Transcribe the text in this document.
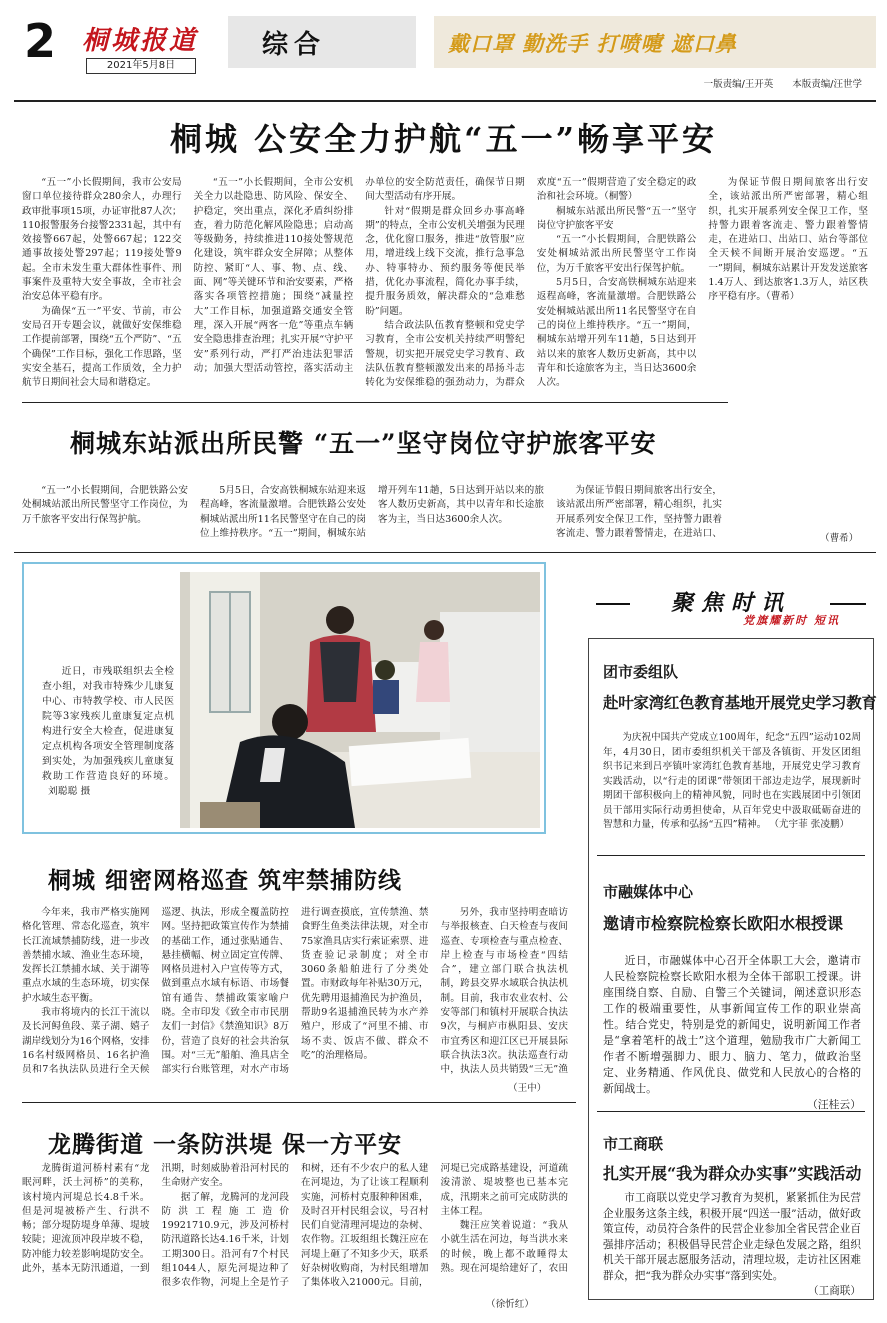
2 桐城报道
2021年5月8日
综合	戴口罩 勤洗手 打喷嚏 遮口鼻
一版责编/王开英　　本版责编/汪世学
桐城 公安全力护航“五一”畅享平安

“五一”小长假期间，我市公安局窗口单位接待群众280余人，办理行政审批事项15项，办证审批87人次；110报警服务台接警2331起，其中有效接警667起，处警667起；122交通事故接处警297起；119接处警9起。全市未发生重大群体性事件、刑事案件及重特大安全事故，全市社会治安总体平稳有序。

为确保“五一”平安、节前，市公安局召开专题会议，就做好安保维稳工作提前部署，围绕“五个严防”、“五个确保”工作目标，强化工作思路，坚实安全基石，提高工作质效，全力护航节日期间社会大局和谐稳定。

“五一”小长假期间，全市公安机关全力以赴隐患、防风险、保安全、护稳定，突出重点，深化矛盾纠纷排查，着力防范化解风险隐患；启动高等级勤务，持续推进110接处警规范化建设，筑牢群众安全屏障；从整体防控、紧盯“人、事、物、点、线、面、网”等关键环节和治安要素，严格落实各项管控措施；围绕“减量控大”工作目标，加强道路交通安全管理，深入开展“两客一危”等重点车辆安全隐患排查治理；扎实开展“守护平安”系列行动，严打严治违法犯罪活动；加强大型活动管控，落实活动主办单位的安全防范责任，确保节日期间大型活动有序开展。

针对“假期是群众回乡办事高峰期”的特点，全市公安机关增强为民理念，优化窗口服务，推进“放管服”应用，增进线上线下交流，推行急事急办、特事特办、预约服务等便民举措，优化办事流程，简化办事手续，提升服务质效，解决群众的“急难愁盼”问题。

结合政法队伍教育整顿和党史学习教育，全市公安机关持续严明警纪警规，切实把开展党史学习教育、政法队伍教育整顿激发出来的昂扬斗志转化为安保维稳的强劲动力，为群众欢度“五一”假期营造了安全稳定的政治和社会环境。（桐警）

桐城东站派出所民警“五一”坚守岗位守护旅客平安

“五一”小长假期间，合肥铁路公安处桐城站派出所民警坚守工作岗位，为万千旅客平安出行保驾护航。

5月5日，合安高铁桐城东站迎来返程高峰，客流量激增。合肥铁路公安处桐城站派出所11名民警坚守在自己的岗位上维持秩序。“五一”期间，桐城东站增开列车11趟，5日达到开站以来的旅客人数历史新高，其中以青年和长途旅客为主，当日达3600余人次。

为保证节假日期间旅客出行安全，该站派出所严密部署，精心组织，扎实开展系列安全保卫工作，坚持警力跟着客流走、警力跟着警情走，在进站口、出站口、站台等部位全天候不间断开展治安巡逻。“五一”期间，桐城东站累计开发发送旅客1.4万人、到达旅客1.3万人，站区秩序平稳有序。（曹希）

桐城东站派出所民警 “五一”坚守岗位守护旅客平安

“五一”小长假期间，合肥铁路公安处桐城站派出所民警坚守工作岗位，为万千旅客平安出行保驾护航。

5月5日，合安高铁桐城东站迎来返程高峰，客流量激增。合肥铁路公安处桐城站派出所11名民警坚守在自己的岗位上维持秩序。“五一”期间，桐城东站增开列车11趟，5日达到开站以来的旅客人数历史新高，其中以青年和长途旅客为主，当日达3600余人次。

为保证节假日期间旅客出行安全，该站派出所严密部署，精心组织，扎实开展系列安全保卫工作，坚持警力跟着客流走、警力跟着警情走，在进站口、	（曹希）
近日，市残联组织去全检查小组，对我市特殊少儿康复中心、市特教学校、市人民医院等3家残疾儿童康复定点机构进行安全大检查，促进康复定点机构各项安全管理制度落到实处，为加强残疾儿童康复救助工作营造良好的环境。 刘聪聪 摄
聚焦时讯
党旗耀新时 短讯
团市委组队
赴叶家湾红色教育基地开展党史学习教育
为庆祝中国共产党成立100周年，纪念“五四”运动102周年，4月30日，团市委组织机关干部及各镇街、开发区团组织书记来到吕亭镇叶家湾红色教育基地，开展党史学习教育实践活动，以“行走的团课”带领团干部边走边学，展现新时期团干部积极向上的精神风貌，同时也在实践展团中引领团员干部用实际行动勇担使命，从百年党史中汲取砥砺奋进的智慧和力量，传承和弘扬“五四”精神。 （尤宇菲 张凌鹏）
市融媒体中心
邀请市检察院检察长欧阳水根授课
近日，市融媒体中心召开全体职工大会，邀请市人民检察院检察长欧阳水根为全体干部职工授课。讲座围绕自察、自励、自警三个关键词，阐述意识形态工作的极端重要性，从事新闻宣传工作的职业崇高性。结合党史，特别是党的新闻史，说明新闻工作者是“拿着笔杆的战士”这个道理，勉励我市广大新闻工作者不断增强脚力、眼力、脑力、笔力，做政治坚定、业务精通、作风优良、做党和人民放心的合格的新闻战士。
（汪桂云）
市工商联
扎实开展“我为群众办实事”实践活动
市工商联以党史学习教育为契机，紧紧抓住为民营企业服务这条主线，积极开展“四送一服”活动，做好政策宣传，动员符合条件的民营企业参加全省民营企业百强排序活动；积极倡导民营企业走绿色发展之路，组织机关干部开展志愿服务活动，清理垃圾，走访社区困难群众，把“我为群众办实事”落到实处。
（工商联）
桐城 细密网格巡查 筑牢禁捕防线

今年来，我市严格实施网格化管理、常态化巡查，筑牢长江流域禁捕防线，进一步改善禁捕水域、渔业生态环境，发挥长江禁捕水域、关于湖等重点水域的生态环境，切实保护水域生态平衡。

我市将境内的长江干流以及长河鲟鱼段、菜子湖、嬉子湖岸线划分为16个网格，安排16名村级网格员、16名护渔员和7名执法队员进行全天候巡逻、执法，形成全覆盖防控网。坚持把政策宣传作为禁捕的基础工作，通过张贴通告、悬挂横幅、树立固定宣传牌、网格员进村入户宣传等方式，做到重点水域有标语、市场餐馆有通告、禁捕政策家喻户晓。全市印发《致全市市民朋友们一封信》《禁渔知识》8万份，营造了良好的社会共治氛围。对“三无”船舶、渔具店全部实行台账管理，对水产市场进行调查摸底，宣传禁渔、禁食野生鱼类法律法规，对全市75家渔具店实行索证索票、进货查验记录制度；对全市3060条船舶进行了分类处置。市财政每年补贴30万元，优先聘用退捕渔民为护渔员，帮助9名退捕渔民转为水产养殖户，形成了“河里不捕、市场不卖、饭店不做、群众不吃”的治理格局。

另外，我市坚持明查暗访与举报核查、白天检查与夜间巡查、专项检查与重点检查、岸上检查与市场检查“四结合”，建立部门联合执法机制，跨县交界水域联合执法机制。目前，我市农业农村、公安等部门和镇村开展联合执法9次，与桐庐市枞阳县、安庆市宜秀区和迎江区已开展县际联合执法3次。执法巡查行动中，执法人员共销毁“三无”渔

（王中）
龙腾街道 一条防洪堤 保一方平安

龙腾街道河桥村素有“龙眠河畔，沃土河桥”的美称，该村境内河堤总长4.8千米。但是河堤被桥产生、行洪不畅；部分堤防堤身单薄、堤坡较陡；迎流顶冲段岸坡不稳，防冲能力较差影响堤防安全。此外，基本无防汛通道，一到汛期，时刻威胁着沿河村民的生命财产安全。

据了解，龙腾河的龙河段防洪工程施工造价19921710.9元，涉及河桥村防汛道路长达4.16千米，计划工期300日。沿河有7个村民组1044人，原先河堤边种了很多农作物，河堤上全是竹子和树，还有不少农户的私人建在河堤边，为了让该工程顺利实施，河桥村克服种种困难，及时召开村民组会议，号召村民们自觉清理河堤边的杂树、农作物。江坂组组长魏汪应在河堤上砸了不知多少天，联系好杂树收购商，为村民组增加了集体收入21000元。目前，河堤已完成路基建设，河道疏浚清淤、堤坡整也已基本完成，汛期来之前可完成防洪的主体工程。

魏汪应笑着说道：“我从小就生活在河边，每当洪水来的时候，晚上都不敢睡得太熟。现在河堤给建好了，农田

（徐忻红）
